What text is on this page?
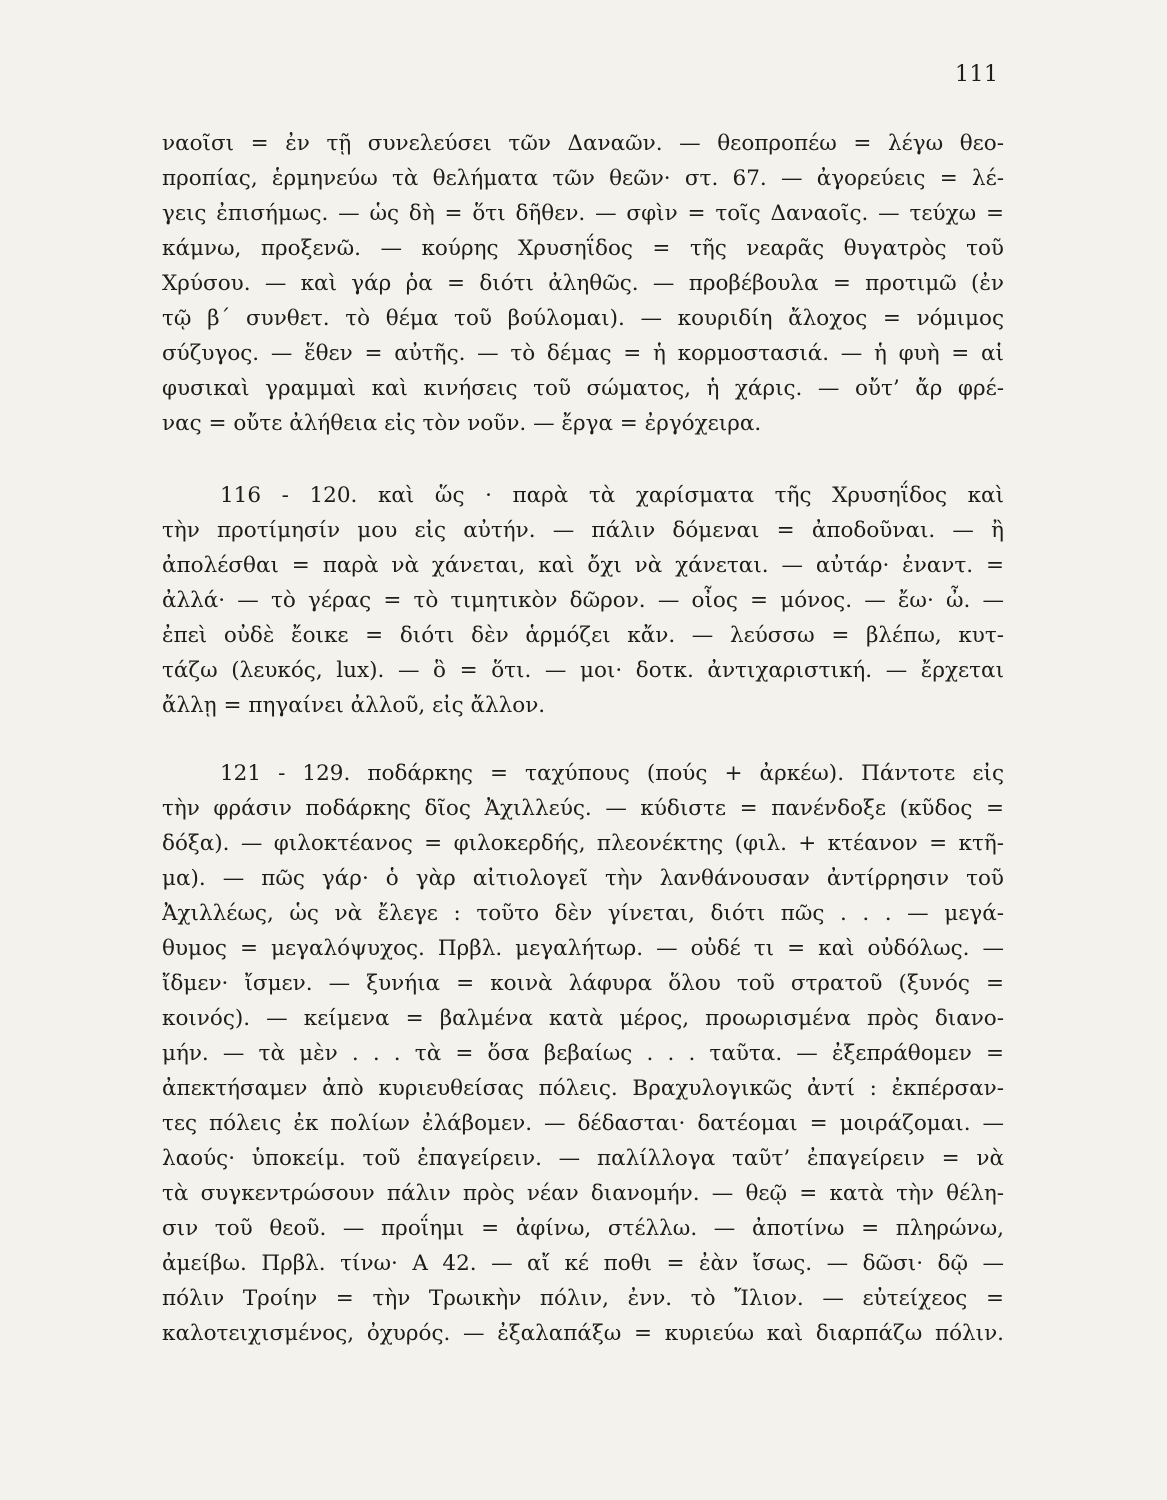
111
ναοῖσι = ἐν τῇ συνελεύσει τῶν Δαναῶν. — θεοπροπέω = λέγω θεο-
προπίας, ἑρμηνεύω τὰ θελήματα τῶν θεῶν· στ. 67. — ἀγορεύεις = λέ-
γεις ἐπισήμως. — ὡς δὴ = ὅτι δῆθεν. — σφὶν = τοῖς Δαναοῖς. — τεύχω =
κάμνω, προξενῶ. — κούρης Χρυσηΐδος = τῆς νεαρᾶς θυγατρὸς τοῦ
Χρύσου. — καὶ γάρ ῥα = διότι ἀληθῶς. — προβέβουλα = προτιμῶ (ἐν
τῷ β΄ συνθετ. τὸ θέμα τοῦ βούλομαι). — κουριδίη ἄλοχος = νόμιμος
σύζυγος. — ἕθεν = αὐτῆς. — τὸ δέμας = ἡ κορμοστασιά. — ἡ φυὴ = αἱ
φυσικαὶ γραμμαὶ καὶ κινήσεις τοῦ σώματος, ἡ χάρις. — οὔτ’ ἄρ φρέ-
νας = οὔτε ἀλήθεια εἰς τὸν νοῦν. — ἔργα = ἐργόχειρα.
116 - 120. καὶ ὥς · παρὰ τὰ χαρίσματα τῆς Χρυσηΐδος καὶ
τὴν προτίμησίν μου εἰς αὐτήν. — πάλιν δόμεναι = ἀποδοῦναι. — ἢ
ἀπολέσθαι = παρὰ νὰ χάνεται, καὶ ὄχι νὰ χάνεται. — αὐτάρ· ἐναντ. =
ἀλλά· — τὸ γέρας = τὸ τιμητικὸν δῶρον. — οἶος = μόνος. — ἔω· ὦ. —
ἐπεὶ οὐδὲ ἔοικε = διότι δὲν ἁρμόζει κἄν. — λεύσσω = βλέπω, κυτ-
τάζω (λευκός, lux). — ὃ = ὅτι. — μοι· δοτκ. ἀντιχαριστική. — ἔρχεται
ἄλλῃ = πηγαίνει ἀλλοῦ, εἰς ἄλλον.
121 - 129. ποδάρκης = ταχύπους (πούς + ἀρκέω). Πάντοτε εἰς
τὴν φράσιν ποδάρκης δῖος Ἀχιλλεύς. — κύδιστε = πανένδοξε (κῦδος =
δόξα). — φιλοκτέανος = φιλοκερδής, πλεονέκτης (φιλ. + κτέανον = κτῆ-
μα). — πῶς γάρ· ὁ γὰρ αἰτιολογεῖ τὴν λανθάνουσαν ἀντίρρησιν τοῦ
Ἀχιλλέως, ὡς νὰ ἔλεγε : τοῦτο δὲν γίνεται, διότι πῶς . . . — μεγά-
θυμος = μεγαλόψυχος. Πρβλ. μεγαλήτωρ. — οὐδέ τι = καὶ οὐδόλως. —
ἴδμεν· ἴσμεν. — ξυνήια = κοινὰ λάφυρα ὅλου τοῦ στρατοῦ (ξυνός =
κοινός). — κείμενα = βαλμένα κατὰ μέρος, προωρισμένα πρὸς διανο-
μήν. — τὰ μὲν . . . τὰ = ὅσα βεβαίως . . . ταῦτα. — ἐξεπράθομεν =
ἀπεκτήσαμεν ἀπὸ κυριευθείσας πόλεις. Βραχυλογικῶς ἀντί : ἐκπέρσαν-
τες πόλεις ἐκ πολίων ἐλάβομεν. — δέδασται· δατέομαι = μοιράζομαι. —
λαούς· ὑποκείμ. τοῦ ἐπαγείρειν. — παλίλλογα ταῦτ’ ἐπαγείρειν = νὰ
τὰ συγκεντρώσουν πάλιν πρὸς νέαν διανομήν. — θεῷ = κατὰ τὴν θέλη-
σιν τοῦ θεοῦ. — προΐημι = ἀφίνω, στέλλω. — ἀποτίνω = πληρώνω,
ἀμείβω. Πρβλ. τίνω· Α 42. — αἴ κέ ποθι = ἐὰν ἴσως. — δῶσι· δῷ —
πόλιν Τροίην = τὴν Τρωικὴν πόλιν, ἐνν. τὸ Ἴλιον. — εὐτείχεος =
καλοτειχισμένος, ὀχυρός. — ἐξαλαπάξω = κυριεύω καὶ διαρπάζω πόλιν.
